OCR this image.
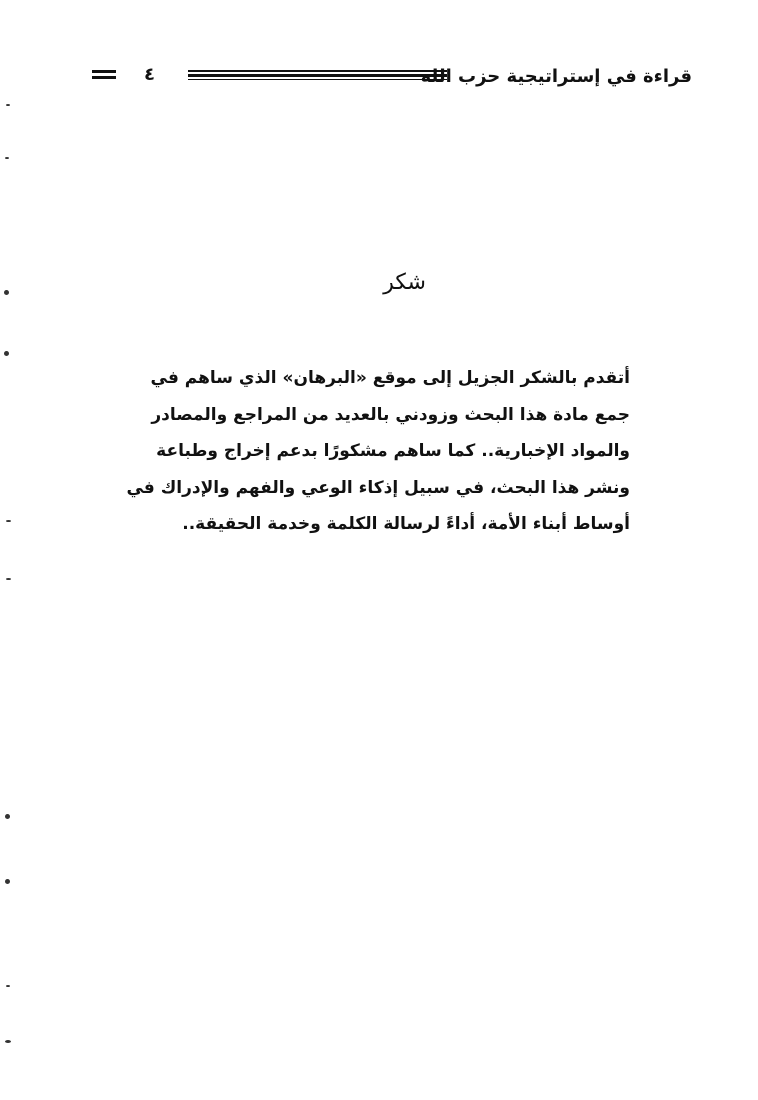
٤	قراءة في إستراتيجية حزب الله
شكر
أتقدم بالشكر الجزيل إلى موقع «البرهان» الذي ساهم في
جمع مادة هذا البحث وزودني بالعديد من المراجع والمصادر
والمواد الإخبارية.. كما ساهم مشكورًا بدعم إخراج وطباعة
ونشر هذا البحث، في سبيل إذكاء الوعي والفهم والإدراك في
أوساط أبناء الأمة، أداءً لرسالة الكلمة وخدمة الحقيقة..
